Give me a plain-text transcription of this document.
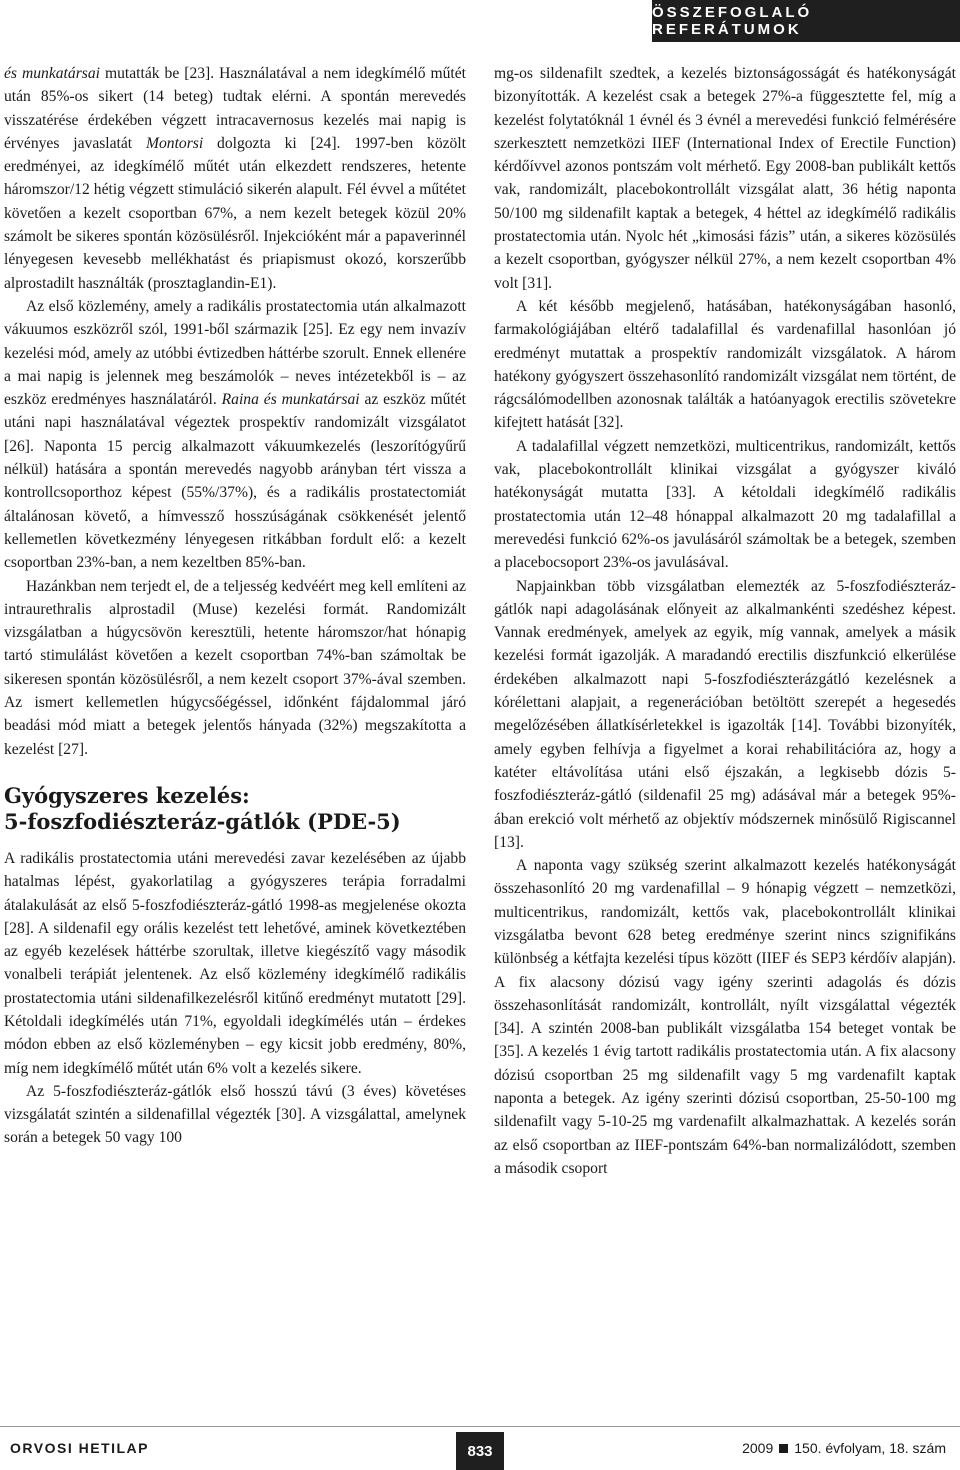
ÖSSZEFOGLALÓ REFERÁTUMOK

és munkatársai mutatták be [23]. Használatával a nem idegkímélő műtét után 85%-os sikert (14 beteg) tudtak elérni. A spontán merevedés visszatérése érdekében végzett intracavernosus kezelés mai napig is érvényes javaslatát Montorsi dolgozta ki [24]. 1997-ben közölt eredményei, az idegkímélő műtét után elkezdett rendszeres, hetente háromszor/12 hétig végzett stimuláció sikerén alapult. Fél évvel a műtétet követően a kezelt csoportban 67%, a nem kezelt betegek közül 20% számolt be sikeres spontán közösülésről. Injekcióként már a papaverinnél lényegesen kevesebb mellékhatást és priapismust okozó, korszerűbb alprostadilt használták (prosztaglandin-E1).

Az első közlemény, amely a radikális prostatectomia után alkalmazott vákuumos eszközről szól, 1991-ből származik [25]. Ez egy nem invazív kezelési mód, amely az utóbbi évtizedben háttérbe szorult. Ennek ellenére a mai napig is jelennek meg beszámolók – neves intézetekből is – az eszköz eredményes használatáról. Raina és munkatársai az eszköz műtét utáni napi használatával végeztek prospektív randomizált vizsgálatot [26]. Naponta 15 percig alkalmazott vákuumkezelés (leszorítógyűrű nélkül) hatására a spontán merevedés nagyobb arányban tért vissza a kontrollcsoporthoz képest (55%/37%), és a radikális prostatectomiát általánosan követő, a hímvessző hosszúságának csökkenését jelentő kellemetlen következmény lényegesen ritkábban fordult elő: a kezelt csoportban 23%-ban, a nem kezeltben 85%-ban.

Hazánkban nem terjedt el, de a teljesség kedvéért meg kell említeni az intraurethralis alprostadil (Muse) kezelési formát. Randomizált vizsgálatban a húgycsövön keresztüli, hetente háromszor/hat hónapig tartó stimulálást követően a kezelt csoportban 74%-ban számoltak be sikeresen spontán közösülésről, a nem kezelt csoport 37%-ával szemben. Az ismert kellemetlen húgycsőégéssel, időnként fájdalommal járó beadási mód miatt a betegek jelentős hányada (32%) megszakította a kezelést [27].

Gyógyszeres kezelés:
5-foszfodiészteráz-gátlók (PDE-5)

A radikális prostatectomia utáni merevedési zavar kezelésében az újabb hatalmas lépést, gyakorlatilag a gyógyszeres terápia forradalmi átalakulását az első 5-foszfodiészteráz-gátló 1998-as megjelenése okozta [28]. A sildenafil egy orális kezelést tett lehetővé, aminek következtében az egyéb kezelések háttérbe szorultak, illetve kiegészítő vagy második vonalbeli terápiát jelentenek. Az első közlemény idegkímélő radikális prostatectomia utáni sildenafilkezelésről kitűnő eredményt mutatott [29]. Kétoldali idegkímélés után 71%, egyoldali idegkímélés után – érdekes módon ebben az első közleményben – egy kicsit jobb eredmény, 80%, míg nem idegkímélő műtét után 6% volt a kezelés sikere.

Az 5-foszfodiészteráz-gátlók első hosszú távú (3 éves) követéses vizsgálatát szintén a sildenafillal végezték [30]. A vizsgálattal, amelynek során a betegek 50 vagy 100

mg-os sildenafilt szedtek, a kezelés biztonságosságát és hatékonyságát bizonyították. A kezelést csak a betegek 27%-a függesztette fel, míg a kezelést folytatóknál 1 évnél és 3 évnél a merevedési funkció felmérésére szerkesztett nemzetközi IIEF (International Index of Erectile Function) kérdőívvel azonos pontszám volt mérhető. Egy 2008-ban publikált kettős vak, randomizált, placebokontrollált vizsgálat alatt, 36 hétig naponta 50/100 mg sildenafilt kaptak a betegek, 4 héttel az idegkímélő radikális prostatectomia után. Nyolc hét „kimosási fázis” után, a sikeres közösülés a kezelt csoportban, gyógyszer nélkül 27%, a nem kezelt csoportban 4% volt [31].

A két később megjelenő, hatásában, hatékonyságában hasonló, farmakológiájában eltérő tadalafillal és vardenafillal hasonlóan jó eredményt mutattak a prospektív randomizált vizsgálatok. A három hatékony gyógyszert összehasonlító randomizált vizsgálat nem történt, de rágcsálómodellben azonosnak találták a hatóanyagok erectilis szövetekre kifejtett hatását [32].

A tadalafillal végzett nemzetközi, multicentrikus, randomizált, kettős vak, placebokontrollált klinikai vizsgálat a gyógyszer kiváló hatékonyságát mutatta [33]. A kétoldali idegkímélő radikális prostatectomia után 12–48 hónappal alkalmazott 20 mg tadalafillal a merevedési funkció 62%-os javulásáról számoltak be a betegek, szemben a placebocsoport 23%-os javulásával.

Napjainkban több vizsgálatban elemezték az 5-foszfodiészteráz-gátlók napi adagolásának előnyeit az alkalmankénti szedéshez képest. Vannak eredmények, amelyek az egyik, míg vannak, amelyek a másik kezelési formát igazolják. A maradandó erectilis diszfunkció elkerülése érdekében alkalmazott napi 5-foszfodiészterázgátló kezelésnek a kórélettani alapjait, a regenerációban betöltött szerepét a hegesedés megelőzésében állatkísérletekkel is igazolták [14]. További bizonyíték, amely egyben felhívja a figyelmet a korai rehabilitációra az, hogy a katéter eltávolítása utáni első éjszakán, a legkisebb dózis 5-foszfodiészteráz-gátló (sildenafil 25 mg) adásával már a betegek 95%-ában erekció volt mérhető az objektív módszernek minősülő Rigiscannel [13].

A naponta vagy szükség szerint alkalmazott kezelés hatékonyságát összehasonlító 20 mg vardenafillal – 9 hónapig végzett – nemzetközi, multicentrikus, randomizált, kettős vak, placebokontrollált klinikai vizsgálatba bevont 628 beteg eredménye szerint nincs szignifikáns különbség a kétfajta kezelési típus között (IIEF és SEP3 kérdőív alapján). A fix alacsony dózisú vagy igény szerinti adagolás és dózis összehasonlítását randomizált, kontrollált, nyílt vizsgálattal végezték [34]. A szintén 2008-ban publikált vizsgálatba 154 beteget vontak be [35]. A kezelés 1 évig tartott radikális prostatectomia után. A fix alacsony dózisú csoportban 25 mg sildenafilt vagy 5 mg vardenafilt kaptak naponta a betegek. Az igény szerinti dózisú csoportban, 25-50-100 mg sildenafilt vagy 5-10-25 mg vardenafilt alkalmazhattak. A kezelés során az első csoportban az IIEF-pontszám 64%-ban normalizálódott, szemben a második csoport

ORVOSI HETILAP	833	2009 150. évfolyam, 18. szám
